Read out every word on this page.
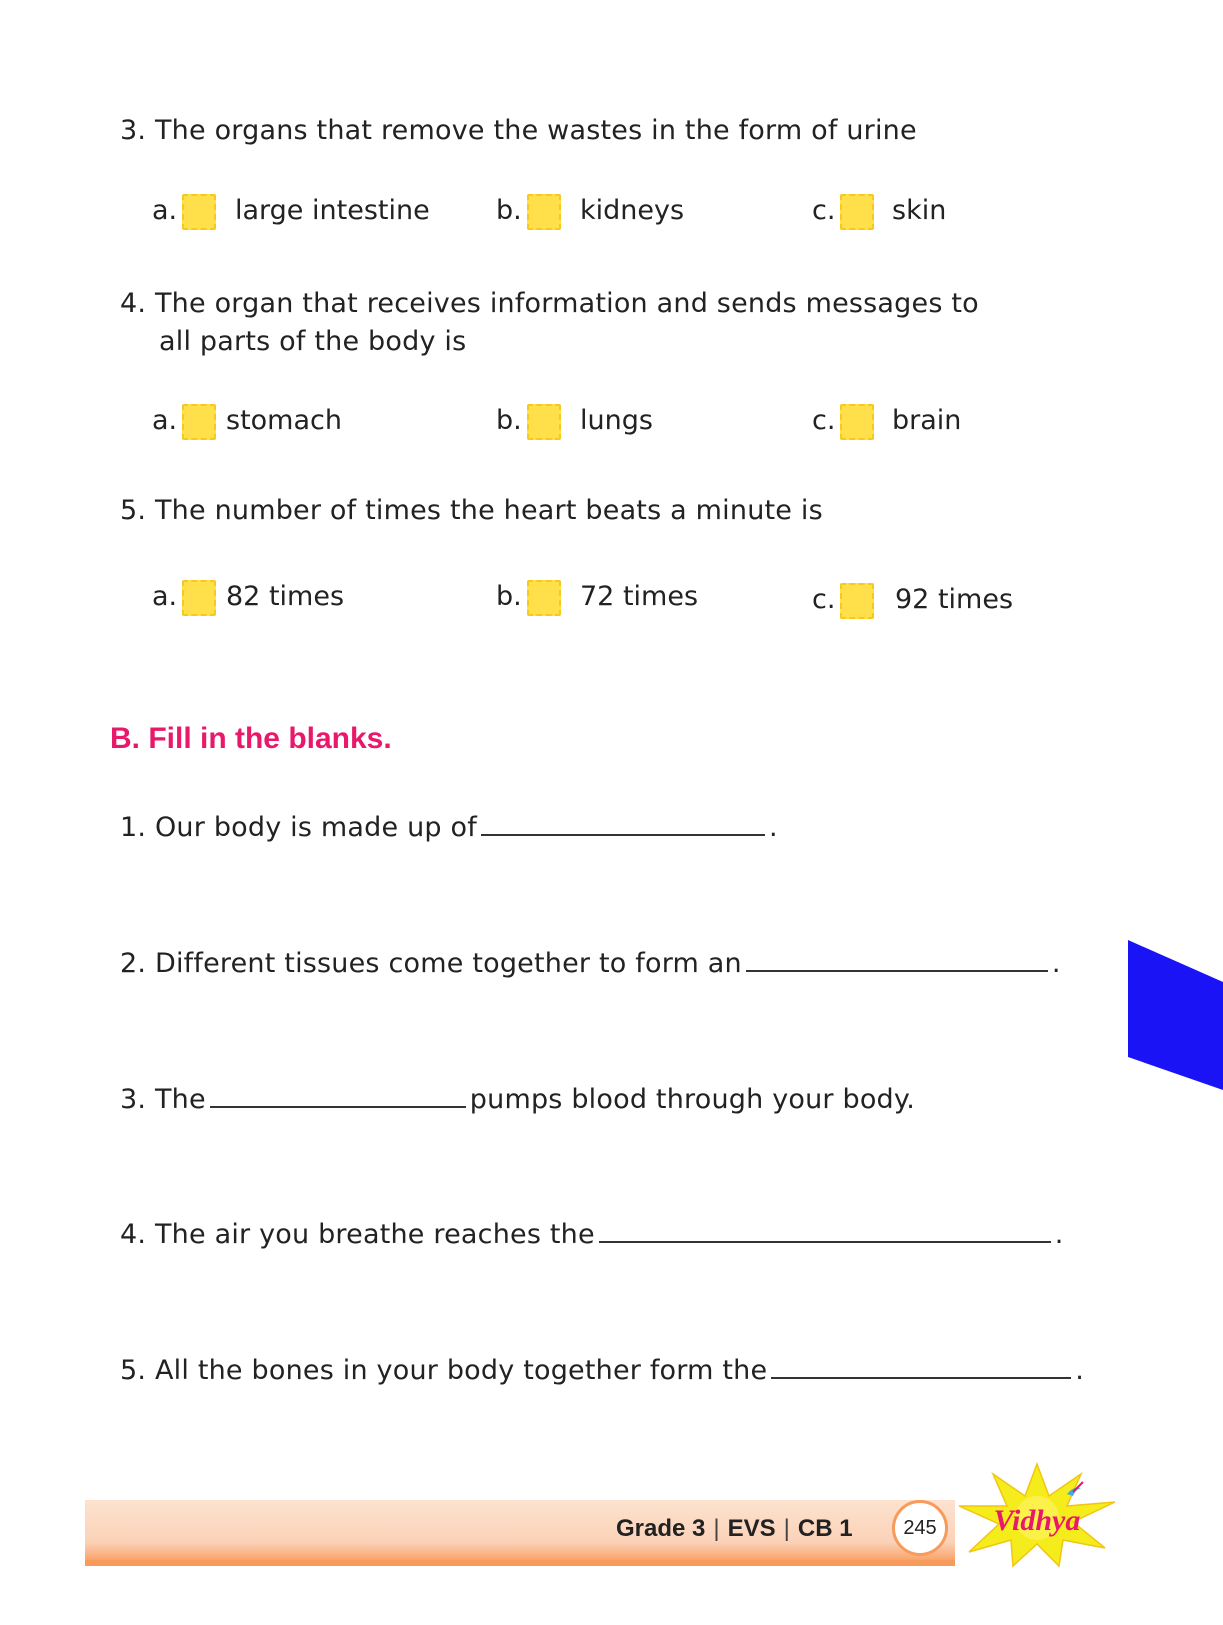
3. The organs that remove the wastes in the form of urine
a. large intestine b. kidneys	c. skin
4. The organ that receives information and sends messages to
all parts of the body is
a. stomach	b. lungs	c. brain
5. The number of times the heart beats a minute is
a. 82 times	b. 72 times	c. 92 times
B. Fill in the blanks.
1. Our body is made up of	.
2. Different tissues come together to form an	.
3. The	pumps blood through your body.
4. The air you breathe reaches the	.
5. All the bones in your body together form the	.
Grade 3 | EVS | CB 1	245	Vidhya
